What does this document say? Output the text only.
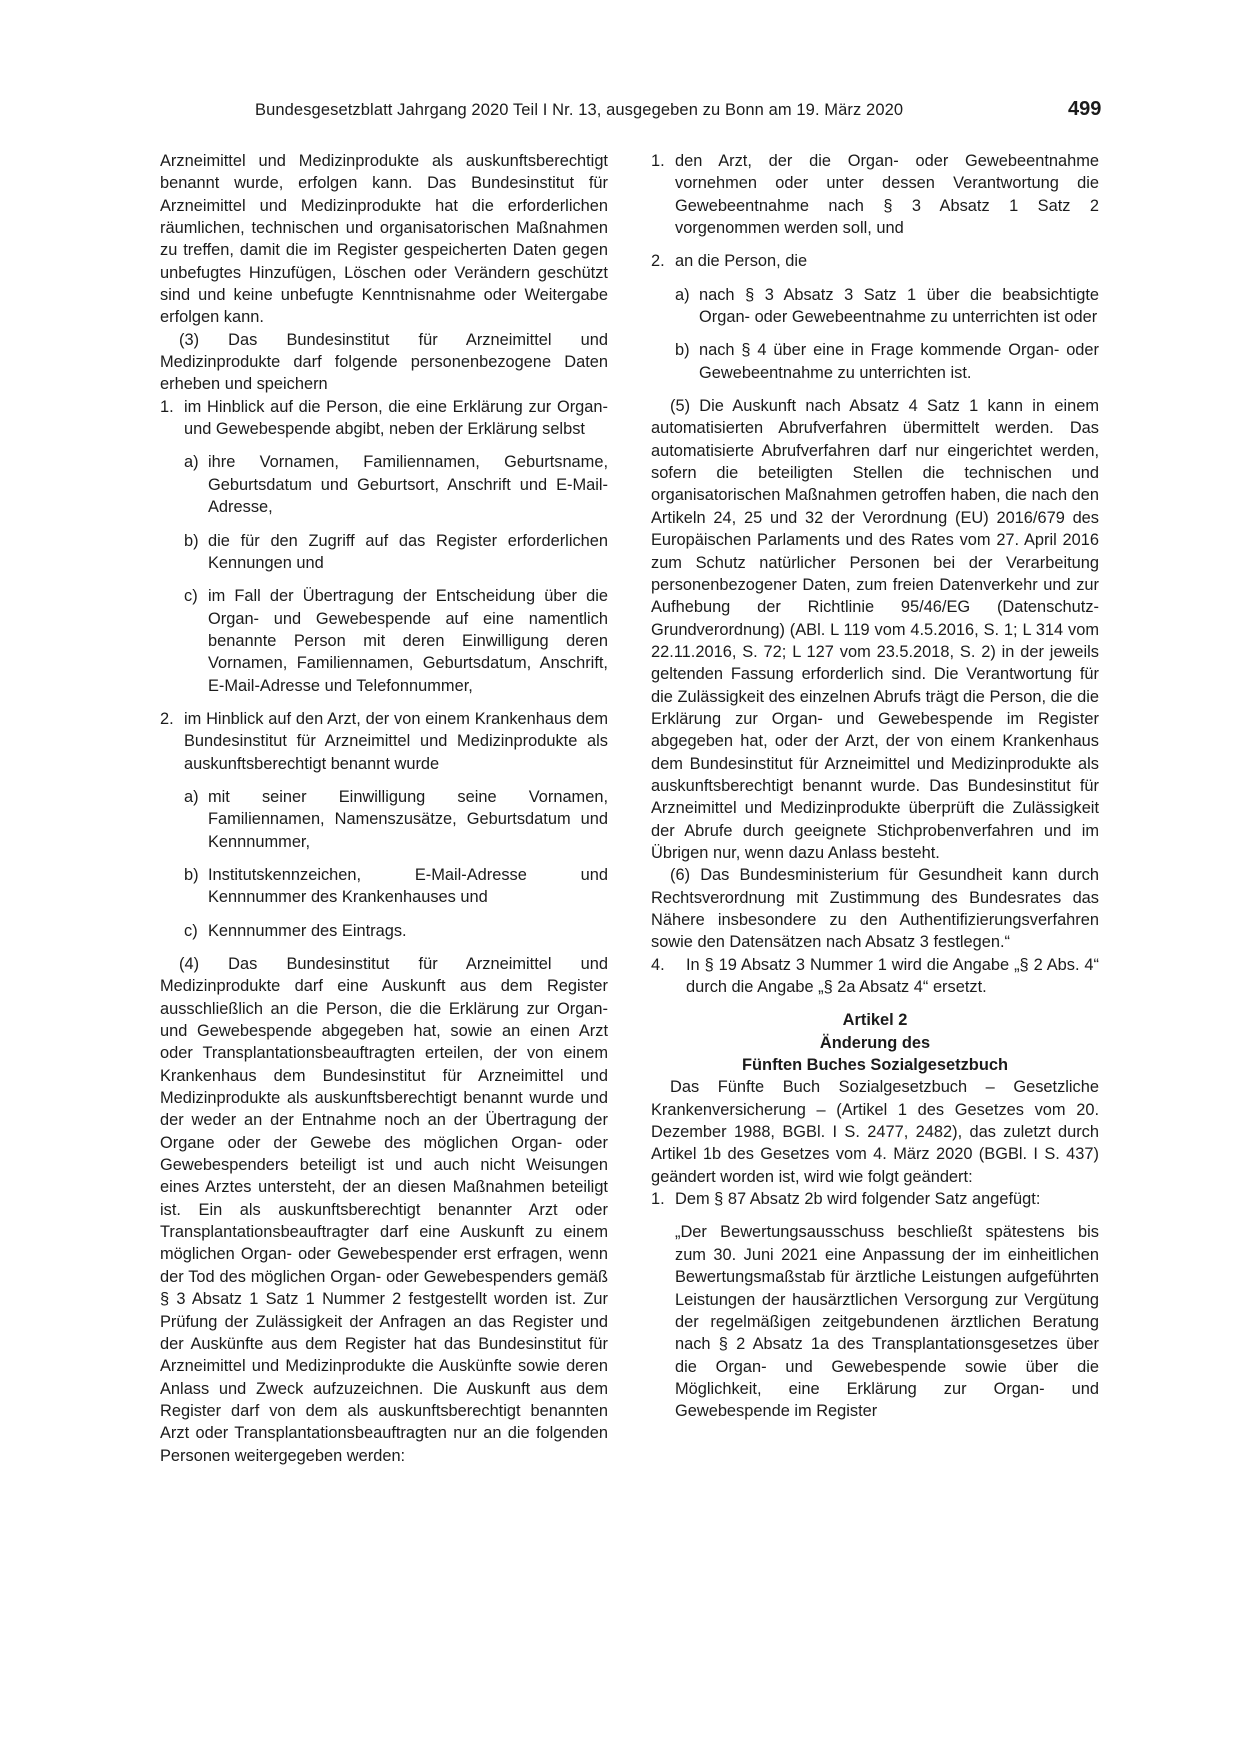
Bundesgesetzblatt Jahrgang 2020 Teil I Nr. 13, ausgegeben zu Bonn am 19. März 2020	499

Arzneimittel und Medizinprodukte als auskunftsberechtigt benannt wurde, erfolgen kann. Das Bundesinstitut für Arzneimittel und Medizinprodukte hat die erforderlichen räumlichen, technischen und organisatorischen Maßnahmen zu treffen, damit die im Register gespeicherten Daten gegen unbefugtes Hinzufügen, Löschen oder Verändern geschützt sind und keine unbefugte Kenntnisnahme oder Weitergabe erfolgen kann.

(3) Das Bundesinstitut für Arzneimittel und Medizinprodukte darf folgende personenbezogene Daten erheben und speichern

1. im Hinblick auf die Person, die eine Erklärung zur Organ- und Gewebespende abgibt, neben der Erklärung selbst
a) ihre Vornamen, Familiennamen, Geburtsname, Geburtsdatum und Geburtsort, Anschrift und E-Mail-Adresse,
b) die für den Zugriff auf das Register erforderlichen Kennungen und
c) im Fall der Übertragung der Entscheidung über die Organ- und Gewebespende auf eine namentlich benannte Person mit deren Einwilligung deren Vornamen, Familiennamen, Geburtsdatum, Anschrift, E-Mail-Adresse und Telefonnummer,
2. im Hinblick auf den Arzt, der von einem Krankenhaus dem Bundesinstitut für Arzneimittel und Medizinprodukte als auskunftsberechtigt benannt wurde
a) mit seiner Einwilligung seine Vornamen, Familiennamen, Namenszusätze, Geburtsdatum und Kennnummer,
b) Institutskennzeichen, E-Mail-Adresse und Kennnummer des Krankenhauses und
c) Kennnummer des Eintrags.

(4) Das Bundesinstitut für Arzneimittel und Medizinprodukte darf eine Auskunft aus dem Register ausschließlich an die Person, die die Erklärung zur Organ- und Gewebespende abgegeben hat, sowie an einen Arzt oder Transplantationsbeauftragten erteilen, der von einem Krankenhaus dem Bundesinstitut für Arzneimittel und Medizinprodukte als auskunftsberechtigt benannt wurde und der weder an der Entnahme noch an der Übertragung der Organe oder der Gewebe des möglichen Organ- oder Gewebespenders beteiligt ist und auch nicht Weisungen eines Arztes untersteht, der an diesen Maßnahmen beteiligt ist. Ein als auskunftsberechtigt benannter Arzt oder Transplantationsbeauftragter darf eine Auskunft zu einem möglichen Organ- oder Gewebespender erst erfragen, wenn der Tod des möglichen Organ- oder Gewebespenders gemäß § 3 Absatz 1 Satz 1 Nummer 2 festgestellt worden ist. Zur Prüfung der Zulässigkeit der Anfragen an das Register und der Auskünfte aus dem Register hat das Bundesinstitut für Arzneimittel und Medizinprodukte die Auskünfte sowie deren Anlass und Zweck aufzuzeichnen. Die Auskunft aus dem Register darf von dem als auskunftsberechtigt benannten Arzt oder Transplantationsbeauftragten nur an die folgenden Personen weitergegeben werden:

1. den Arzt, der die Organ- oder Gewebeentnahme vornehmen oder unter dessen Verantwortung die Gewebeentnahme nach § 3 Absatz 1 Satz 2 vorgenommen werden soll, und
2. an die Person, die
a) nach § 3 Absatz 3 Satz 1 über die beabsichtigte Organ- oder Gewebeentnahme zu unterrichten ist oder
b) nach § 4 über eine in Frage kommende Organ- oder Gewebeentnahme zu unterrichten ist.

(5) Die Auskunft nach Absatz 4 Satz 1 kann in einem automatisierten Abrufverfahren übermittelt werden. Das automatisierte Abrufverfahren darf nur eingerichtet werden, sofern die beteiligten Stellen die technischen und organisatorischen Maßnahmen getroffen haben, die nach den Artikeln 24, 25 und 32 der Verordnung (EU) 2016/679 des Europäischen Parlaments und des Rates vom 27. April 2016 zum Schutz natürlicher Personen bei der Verarbeitung personenbezogener Daten, zum freien Datenverkehr und zur Aufhebung der Richtlinie 95/46/EG (Datenschutz-Grundverordnung) (ABl. L 119 vom 4.5.2016, S. 1; L 314 vom 22.11.2016, S. 72; L 127 vom 23.5.2018, S. 2) in der jeweils geltenden Fassung erforderlich sind. Die Verantwortung für die Zulässigkeit des einzelnen Abrufs trägt die Person, die die Erklärung zur Organ- und Gewebespende im Register abgegeben hat, oder der Arzt, der von einem Krankenhaus dem Bundesinstitut für Arzneimittel und Medizinprodukte als auskunftsberechtigt benannt wurde. Das Bundesinstitut für Arzneimittel und Medizinprodukte überprüft die Zulässigkeit der Abrufe durch geeignete Stichprobenverfahren und im Übrigen nur, wenn dazu Anlass besteht.

(6) Das Bundesministerium für Gesundheit kann durch Rechtsverordnung mit Zustimmung des Bundesrates das Nähere insbesondere zu den Authentifizierungsverfahren sowie den Datensätzen nach Absatz 3 festlegen.“

4. In § 19 Absatz 3 Nummer 1 wird die Angabe „§ 2 Abs. 4“ durch die Angabe „§ 2a Absatz 4“ ersetzt.

Artikel 2

Änderung des

Fünften Buches Sozialgesetzbuch

Das Fünfte Buch Sozialgesetzbuch – Gesetzliche Krankenversicherung – (Artikel 1 des Gesetzes vom 20. Dezember 1988, BGBl. I S. 2477, 2482), das zuletzt durch Artikel 1b des Gesetzes vom 4. März 2020 (BGBl. I S. 437) geändert worden ist, wird wie folgt geändert:

1. Dem § 87 Absatz 2b wird folgender Satz angefügt:

„Der Bewertungsausschuss beschließt spätestens bis zum 30. Juni 2021 eine Anpassung der im einheitlichen Bewertungsmaßstab für ärztliche Leistungen aufgeführten Leistungen der hausärztlichen Versorgung zur Vergütung der regelmäßigen zeitgebundenen ärztlichen Beratung nach § 2 Absatz 1a des Transplantationsgesetzes über die Organ- und Gewebespende sowie über die Möglichkeit, eine Erklärung zur Organ- und Gewebespende im Register
